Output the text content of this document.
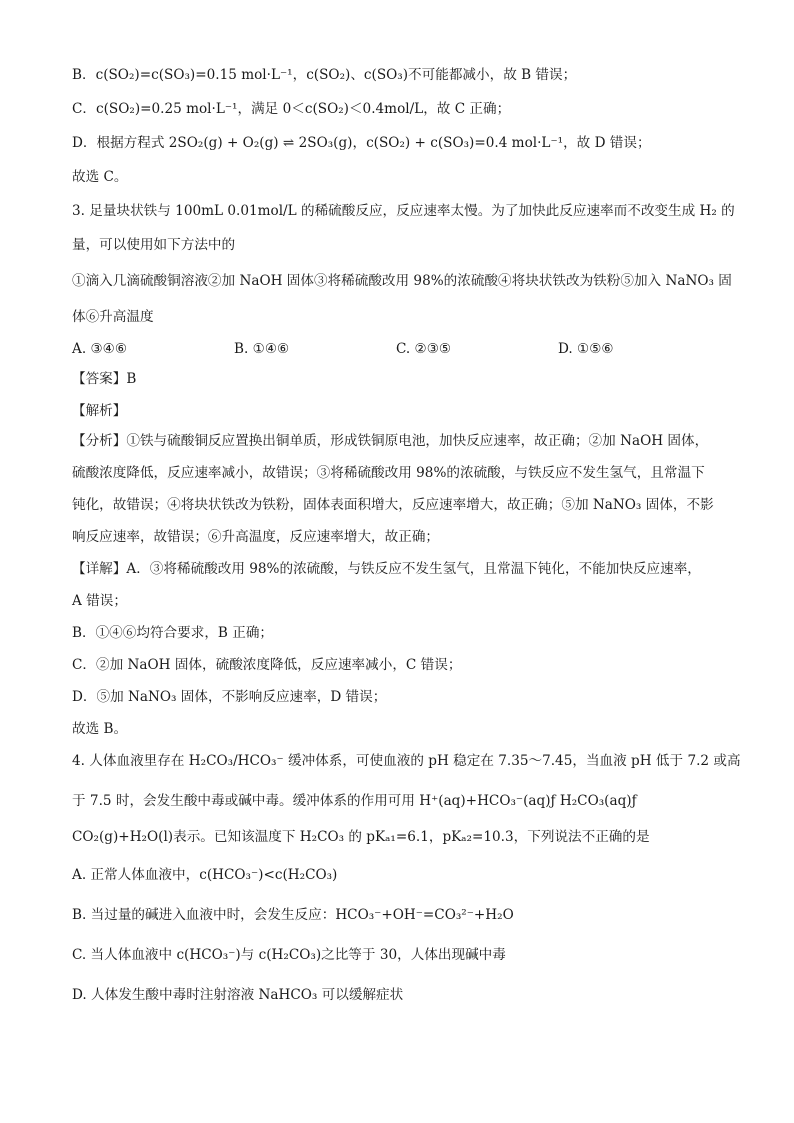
B．c(SO₂)=c(SO₃)=0.15 mol·L⁻¹，c(SO₂)、c(SO₃)不可能都减小，故 B 错误；
C．c(SO₂)=0.25 mol·L⁻¹，满足 0＜c(SO₂)＜0.4mol/L，故 C 正确；
D．根据方程式 2SO₂(g) + O₂(g) ⇌ 2SO₃(g)，c(SO₂) + c(SO₃)=0.4 mol·L⁻¹，故 D 错误；
故选 C。
3. 足量块状铁与 100mL 0.01mol/L 的稀硫酸反应，反应速率太慢。为了加快此反应速率而不改变生成 H₂ 的
量，可以使用如下方法中的
①滴入几滴硫酸铜溶液②加 NaOH 固体③将稀硫酸改用 98%的浓硫酸④将块状铁改为铁粉⑤加入 NaNO₃ 固
体⑥升高温度
A. ③④⑥	B. ①④⑥	C. ②③⑤	D. ①⑤⑥
【答案】B
【解析】
【分析】①铁与硫酸铜反应置换出铜单质，形成铁铜原电池，加快反应速率，故正确；②加 NaOH 固体，
硫酸浓度降低，反应速率减小，故错误；③将稀硫酸改用 98%的浓硫酸，与铁反应不发生氢气，且常温下
钝化，故错误；④将块状铁改为铁粉，固体表面积增大，反应速率增大，故正确；⑤加 NaNO₃ 固体，不影
响反应速率，故错误；⑥升高温度，反应速率增大，故正确；
【详解】A．③将稀硫酸改用 98%的浓硫酸，与铁反应不发生氢气，且常温下钝化，不能加快反应速率，
A 错误；
B．①④⑥均符合要求，B 正确；
C．②加 NaOH 固体，硫酸浓度降低，反应速率减小，C 错误；
D．⑤加 NaNO₃ 固体，不影响反应速率，D 错误；
故选 B。
4. 人体血液里存在 H₂CO₃/HCO₃⁻ 缓冲体系，可使血液的 pH 稳定在 7.35～7.45，当血液 pH 低于 7.2 或高
于 7.5 时，会发生酸中毒或碱中毒。缓冲体系的作用可用 H⁺(aq)+HCO₃⁻(aq)ƒ H₂CO₃(aq)ƒ
CO₂(g)+H₂O(l)表示。已知该温度下 H₂CO₃ 的 pKₐ₁=6.1，pKₐ₂=10.3，下列说法不正确的是
A. 正常人体血液中，c(HCO₃⁻)<c(H₂CO₃)
B. 当过量的碱进入血液中时，会发生反应：HCO₃⁻+OH⁻=CO₃²⁻+H₂O
C. 当人体血液中 c(HCO₃⁻)与 c(H₂CO₃)之比等于 30，人体出现碱中毒
D. 人体发生酸中毒时注射溶液 NaHCO₃ 可以缓解症状
